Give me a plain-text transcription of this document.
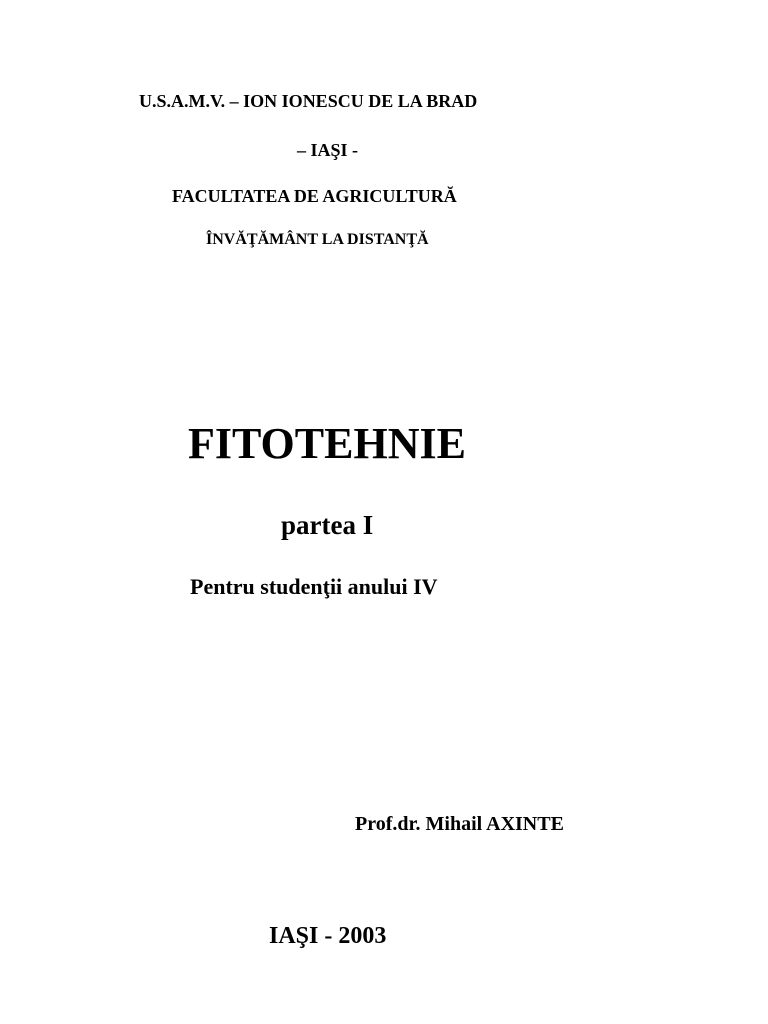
U.S.A.M.V. – ION IONESCU DE LA BRAD
– IAŞI -
FACULTATEA DE AGRICULTURĂ
ÎNVĂŢĂMÂNT LA DISTANŢĂ
FITOTEHNIE
partea I
Pentru studenţii anului IV
Prof.dr. Mihail AXINTE
IAŞI - 2003
